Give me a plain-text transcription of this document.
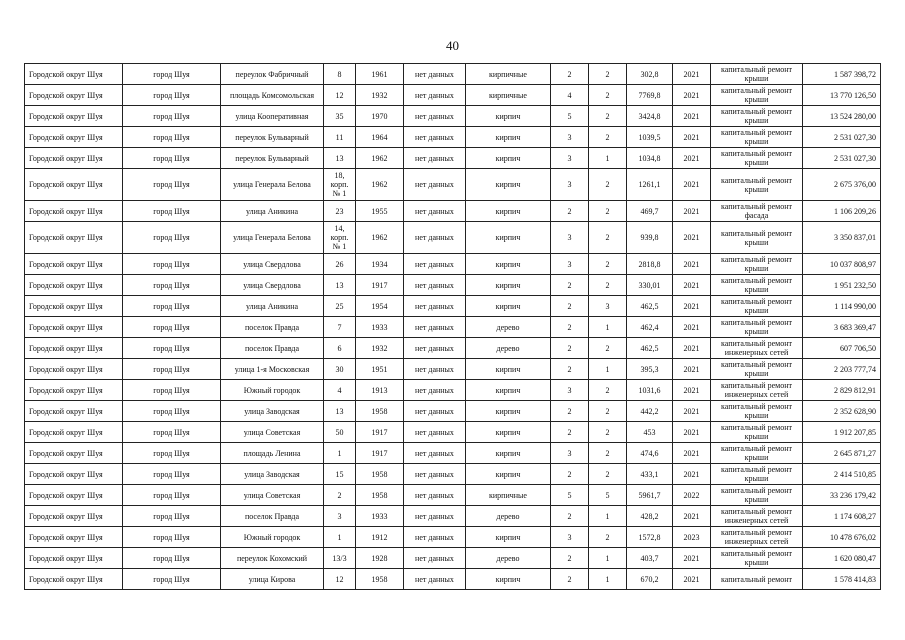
40
Городской округ Шуя	город Шуя	переулок Фабричный	8	1961	нет данных	кирпичные	2	2	302,8	2021	капитальный ремонт крыши	1 587 398,72
Городской округ Шуя	город Шуя	площадь Комсомольская	12	1932	нет данных	кирпичные	4	2	7769,8	2021	капитальный ремонт крыши	13 770 126,50
Городской округ Шуя	город Шуя	улица Кооперативная	35	1970	нет данных	кирпич	5	2	3424,8	2021	капитальный ремонт крыши	13 524 280,00
Городской округ Шуя	город Шуя	переулок Бульварный	11	1964	нет данных	кирпич	3	2	1039,5	2021	капитальный ремонт крыши	2 531 027,30
Городской округ Шуя	город Шуя	переулок Бульварный	13	1962	нет данных	кирпич	3	1	1034,8	2021	капитальный ремонт крыши	2 531 027,30
Городской округ Шуя	город Шуя	улица Генерала Белова	18, корп. № 1	1962	нет данных	кирпич	3	2	1261,1	2021	капитальный ремонт крыши	2 675 376,00
Городской округ Шуя	город Шуя	улица Аникина	23	1955	нет данных	кирпич	2	2	469,7	2021	капитальный ремонт фасада	1 106 209,26
Городской округ Шуя	город Шуя	улица Генерала Белова	14, корп. № 1	1962	нет данных	кирпич	3	2	939,8	2021	капитальный ремонт крыши	3 350 837,01
Городской округ Шуя	город Шуя	улица Свердлова	26	1934	нет данных	кирпич	3	2	2818,8	2021	капитальный ремонт крыши	10 037 808,97
Городской округ Шуя	город Шуя	улица Свердлова	13	1917	нет данных	кирпич	2	2	330,01	2021	капитальный ремонт крыши	1 951 232,50
Городской округ Шуя	город Шуя	улица Аникина	25	1954	нет данных	кирпич	2	3	462,5	2021	капитальный ремонт крыши	1 114 990,00
Городской округ Шуя	город Шуя	поселок Правда	7	1933	нет данных	дерево	2	1	462,4	2021	капитальный ремонт крыши	3 683 369,47
Городской округ Шуя	город Шуя	поселок Правда	6	1932	нет данных	дерево	2	2	462,5	2021	капитальный ремонт инженерных сетей	607 706,50
Городской округ Шуя	город Шуя	улица 1-я Московская	30	1951	нет данных	кирпич	2	1	395,3	2021	капитальный ремонт крыши	2 203 777,74
Городской округ Шуя	город Шуя	Южный городок	4	1913	нет данных	кирпич	3	2	1031,6	2021	капитальный ремонт инженерных сетей	2 829 812,91
Городской округ Шуя	город Шуя	улица Заводская	13	1958	нет данных	кирпич	2	2	442,2	2021	капитальный ремонт крыши	2 352 628,90
Городской округ Шуя	город Шуя	улица Советская	50	1917	нет данных	кирпич	2	2	453	2021	капитальный ремонт крыши	1 912 207,85
Городской округ Шуя	город Шуя	площадь Ленина	1	1917	нет данных	кирпич	3	2	474,6	2021	капитальный ремонт крыши	2 645 871,27
Городской округ Шуя	город Шуя	улица Заводская	15	1958	нет данных	кирпич	2	2	433,1	2021	капитальный ремонт крыши	2 414 510,85
Городской округ Шуя	город Шуя	улица Советская	2	1958	нет данных	кирпичные	5	5	5961,7	2022	капитальный ремонт крыши	33 236 179,42
Городской округ Шуя	город Шуя	поселок Правда	3	1933	нет данных	дерево	2	1	428,2	2021	капитальный ремонт инженерных сетей	1 174 608,27
Городской округ Шуя	город Шуя	Южный городок	1	1912	нет данных	кирпич	3	2	1572,8	2023	капитальный ремонт инженерных сетей	10 478 676,02
Городской округ Шуя	город Шуя	переулок Кохомский	13/3	1928	нет данных	дерево	2	1	403,7	2021	капитальный ремонт крыши	1 620 080,47
Городской округ Шуя	город Шуя	улица Кирова	12	1958	нет данных	кирпич	2	1	670,2	2021	капитальный ремонт	1 578 414,83
